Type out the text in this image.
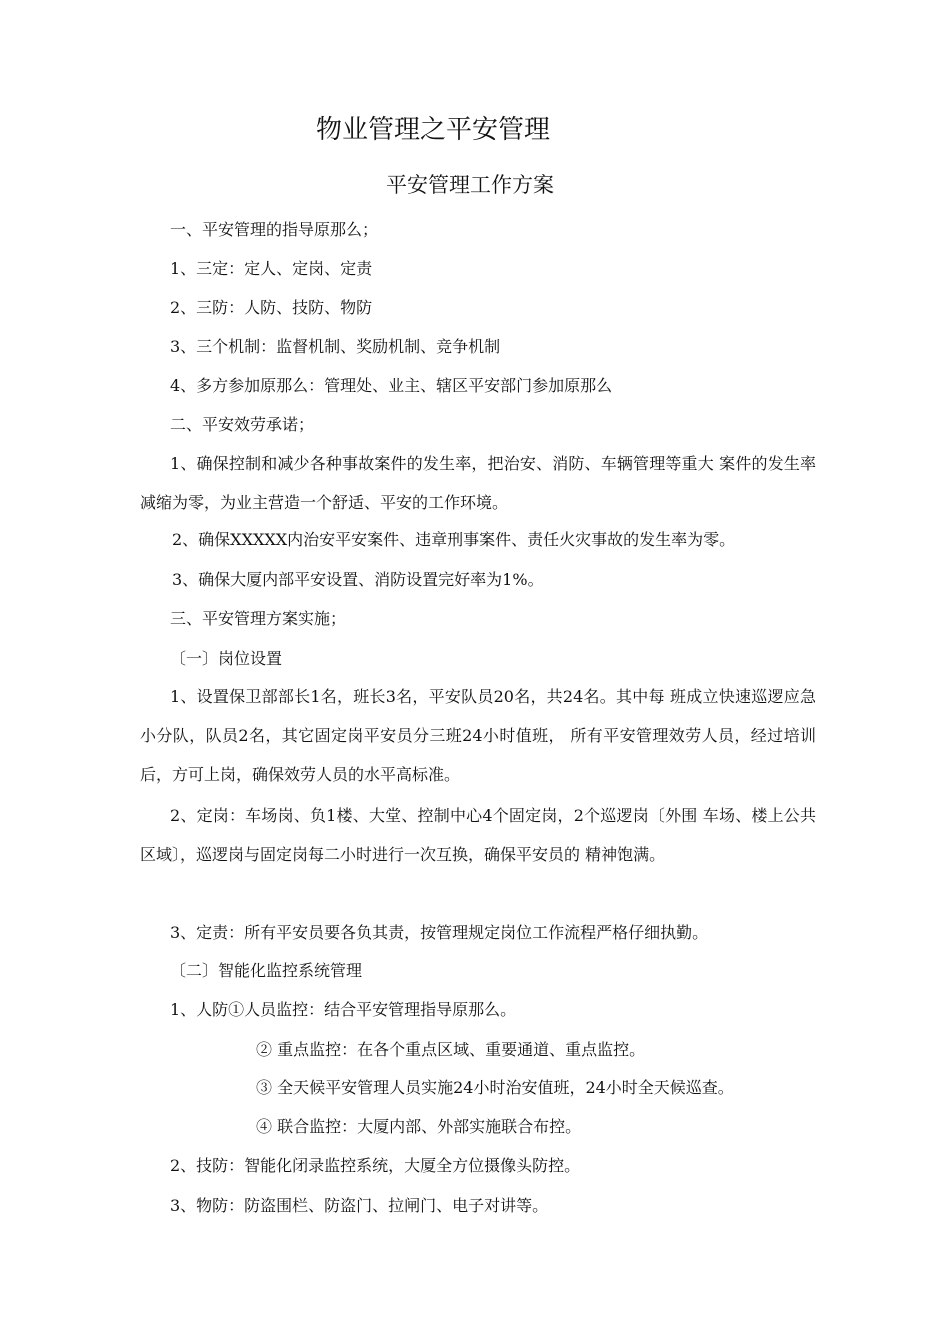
物业管理之平安管理
平安管理工作方案
一、平安管理的指导原那么；
1、三定：定人、定岗、定责
2、三防：人防、技防、物防
3、三个机制：监督机制、奖励机制、竞争机制
4、多方参加原那么：管理处、业主、辖区平安部门参加原那么
二、平安效劳承诺；
1、确保控制和减少各种事故案件的发生率，把治安、消防、车辆管理等重大 案件的发生率减缩为零，为业主营造一个舒适、平安的工作环境。
2、确保XXXXX内治安平安案件、违章刑事案件、责任火灾事故的发生率为零。
3、确保大厦内部平安设置、消防设置完好率为1%。
三、平安管理方案实施；
〔一〕岗位设置
1、设置保卫部部长1名，班长3名，平安队员20名，共24名。其中每 班成立快速巡逻应急小分队，队员2名，其它固定岗平安员分三班24小时值班， 所有平安管理效劳人员，经过培训后，方可上岗，确保效劳人员的水平高标准。
2、定岗：车场岗、负1楼、大堂、控制中心4个固定岗，2个巡逻岗〔外围 车场、楼上公共区域〕，巡逻岗与固定岗每二小时进行一次互换，确保平安员的 精神饱满。
3、定责：所有平安员要各负其责，按管理规定岗位工作流程严格仔细执勤。
〔二〕智能化监控系统管理
1、人防①人员监控：结合平安管理指导原那么。
② 重点监控：在各个重点区域、重要通道、重点监控。
③ 全天候平安管理人员实施24小时治安值班，24小时全天候巡查。
④ 联合监控：大厦内部、外部实施联合布控。
2、技防：智能化闭录监控系统，大厦全方位摄像头防控。
3、物防：防盗围栏、防盗门、拉闸门、电子对讲等。
